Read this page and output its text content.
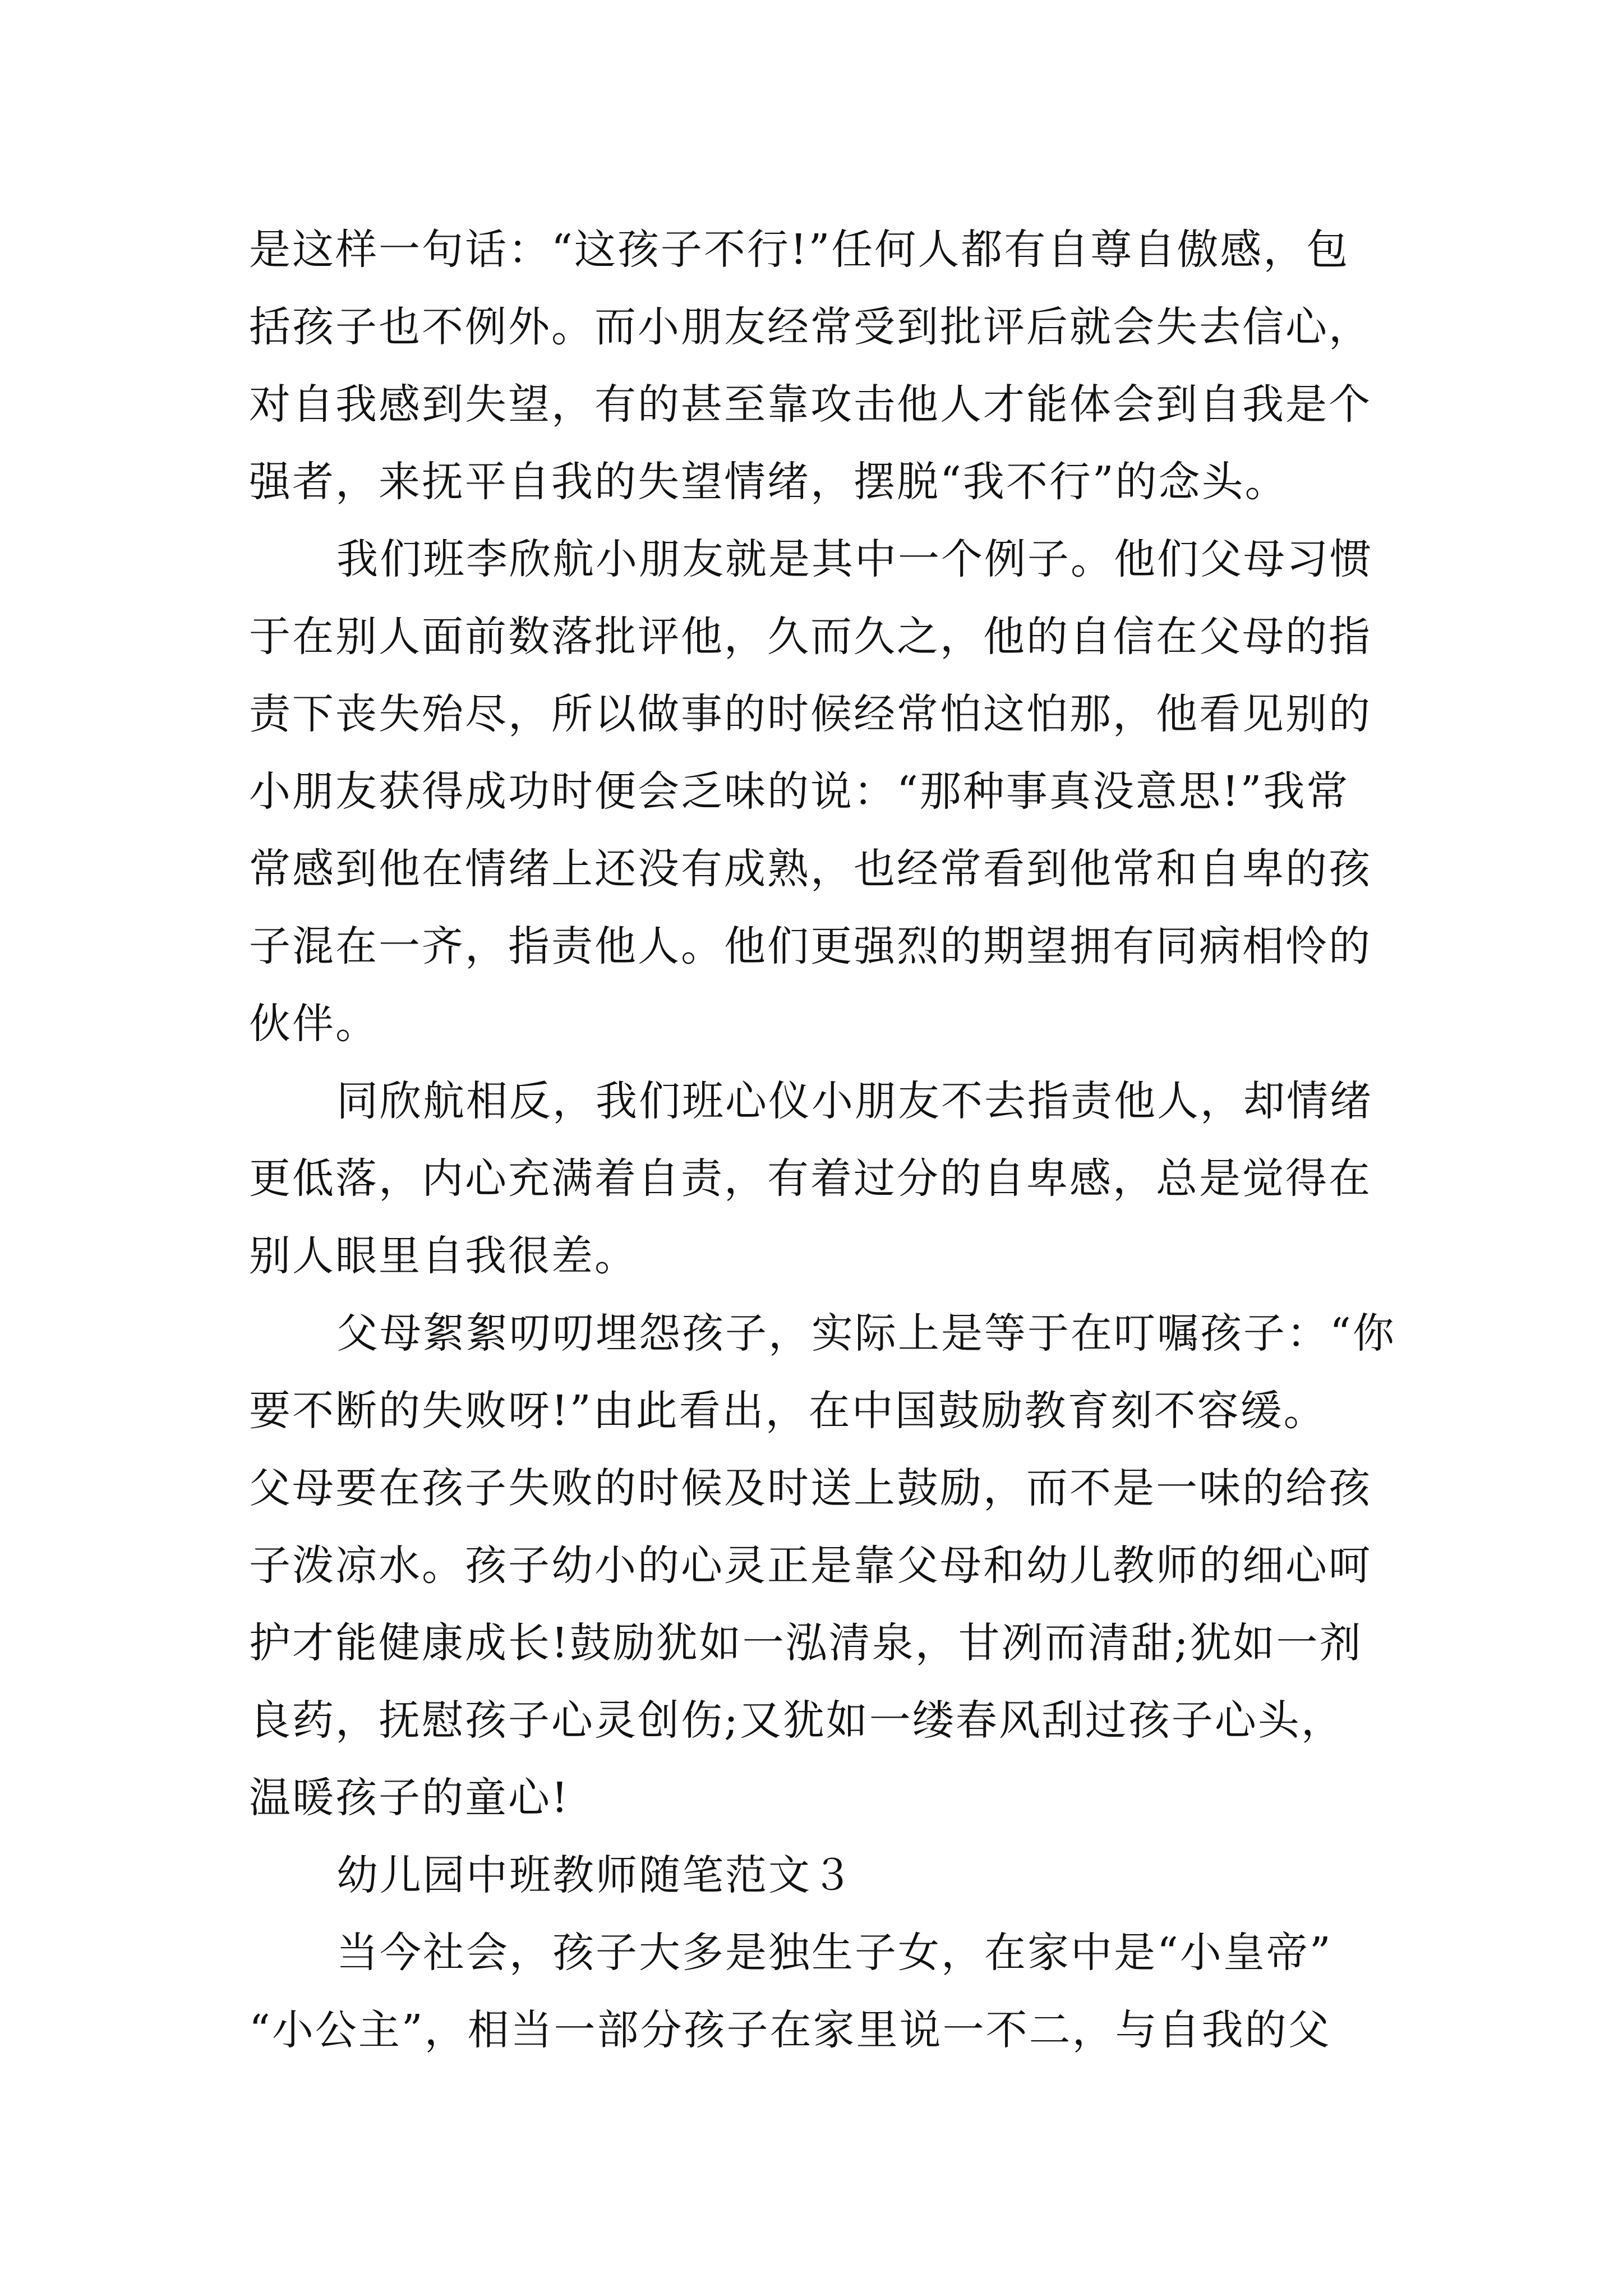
是这样一句话：“这孩子不行!”任何人都有自尊自傲感，包
括孩子也不例外。而小朋友经常受到批评后就会失去信心，
对自我感到失望，有的甚至靠攻击他人才能体会到自我是个
强者，来抚平自我的失望情绪，摆脱“我不行”的念头。
我们班李欣航小朋友就是其中一个例子。他们父母习惯
于在别人面前数落批评他，久而久之，他的自信在父母的指
责下丧失殆尽，所以做事的时候经常怕这怕那，他看见别的
小朋友获得成功时便会乏味的说：“那种事真没意思!”我常
常感到他在情绪上还没有成熟，也经常看到他常和自卑的孩
子混在一齐，指责他人。他们更强烈的期望拥有同病相怜的
伙伴。
同欣航相反，我们班心仪小朋友不去指责他人，却情绪
更低落，内心充满着自责，有着过分的自卑感，总是觉得在
别人眼里自我很差。
父母絮絮叨叨埋怨孩子，实际上是等于在叮嘱孩子：“你
要不断的失败呀!”由此看出，在中国鼓励教育刻不容缓。
父母要在孩子失败的时候及时送上鼓励，而不是一味的给孩
子泼凉水。孩子幼小的心灵正是靠父母和幼儿教师的细心呵
护才能健康成长!鼓励犹如一泓清泉，甘冽而清甜;犹如一剂
良药，抚慰孩子心灵创伤;又犹如一缕春风刮过孩子心头，
温暖孩子的童心!
幼儿园中班教师随笔范文３
当今社会，孩子大多是独生子女，在家中是“小皇帝”
“小公主”，相当一部分孩子在家里说一不二，与自我的父
